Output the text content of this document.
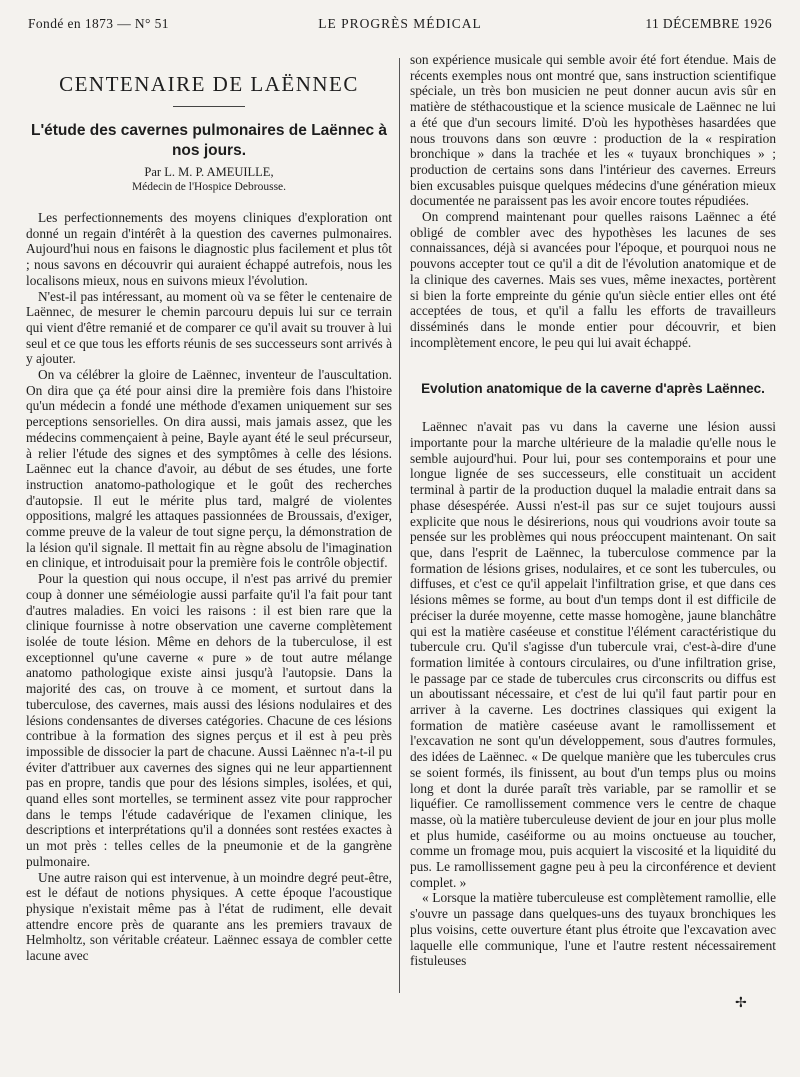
Fondé en 1873 — N° 51	LE PROGRÈS MÉDICAL	11 DÉCEMBRE 1926
CENTENAIRE DE LAËNNEC
L'étude des cavernes pulmonaires de Laënnec à nos jours.
Par L. M. P. AMEUILLE,
Médecin de l'Hospice Debrousse.

Les perfectionnements des moyens cliniques d'exploration ont donné un regain d'intérêt à la question des cavernes pulmonaires. Aujourd'hui nous en faisons le diagnostic plus facilement et plus tôt ; nous savons en découvrir qui auraient échappé autrefois, nous les localisons mieux, nous en suivons mieux l'évolution.

N'est-il pas intéressant, au moment où va se fêter le centenaire de Laënnec, de mesurer le chemin parcouru depuis lui sur ce terrain qui vient d'être remanié et de comparer ce qu'il avait su trouver à lui seul et ce que tous les efforts réunis de ses successeurs sont arrivés à y ajouter.

On va célébrer la gloire de Laënnec, inventeur de l'auscultation. On dira que ça été pour ainsi dire la première fois dans l'histoire qu'un médecin a fondé une méthode d'examen uniquement sur ses perceptions sensorielles. On dira aussi, mais jamais assez, que les médecins commençaient à peine, Bayle ayant été le seul précurseur, à relier l'étude des signes et des symptômes à celle des lésions. Laënnec eut la chance d'avoir, au début de ses études, une forte instruction anatomo-pathologique et le goût des recherches d'autopsie. Il eut le mérite plus tard, malgré de violentes oppositions, malgré les attaques passionnées de Broussais, d'exiger, comme preuve de la valeur de tout signe perçu, la démonstration de la lésion qu'il signale. Il mettait fin au règne absolu de l'imagination en clinique, et introduisait pour la première fois le contrôle objectif.

Pour la question qui nous occupe, il n'est pas arrivé du premier coup à donner une séméiologie aussi parfaite qu'il l'a fait pour tant d'autres maladies. En voici les raisons : il est bien rare que la clinique fournisse à notre observation une caverne complètement isolée de toute lésion. Même en dehors de la tuberculose, il est exceptionnel qu'une caverne « pure » de tout autre mélange anatomo pathologique existe ainsi jusqu'à l'autopsie. Dans la majorité des cas, on trouve à ce moment, et surtout dans la tuberculose, des cavernes, mais aussi des lésions nodulaires et des lésions condensantes de diverses catégories. Chacune de ces lésions contribue à la formation des signes perçus et il est à peu près impossible de dissocier la part de chacune. Aussi Laënnec n'a-t-il pu éviter d'attribuer aux cavernes des signes qui ne leur appartiennent pas en propre, tandis que pour des lésions simples, isolées, et qui, quand elles sont mortelles, se terminent assez vite pour rapprocher dans le temps l'étude cadavérique de l'examen clinique, les descriptions et interprétations qu'il a données sont restées exactes à un mot près : telles celles de la pneumonie et de la gangrène pulmonaire.

Une autre raison qui est intervenue, à un moindre degré peut-être, est le défaut de notions physiques. A cette époque l'acoustique physique n'existait même pas à l'état de rudiment, elle devait attendre encore près de quarante ans les premiers travaux de Helmholtz, son véritable créateur. Laënnec essaya de combler cette lacune avec

son expérience musicale qui semble avoir été fort étendue. Mais de récents exemples nous ont montré que, sans instruction scientifique spéciale, un très bon musicien ne peut donner aucun avis sûr en matière de stéthacoustique et la science musicale de Laënnec ne lui a été que d'un secours limité. D'où les hypothèses hasardées que nous trouvons dans son œuvre : production de la « respiration bronchique » dans la trachée et les « tuyaux bronchiques » ; production de certains sons dans l'intérieur des cavernes. Erreurs bien excusables puisque quelques médecins d'une génération mieux documentée ne paraissent pas les avoir encore toutes répudiées.

On comprend maintenant pour quelles raisons Laënnec a été obligé de combler avec des hypothèses les lacunes de ses connaissances, déjà si avancées pour l'époque, et pourquoi nous ne pouvons accepter tout ce qu'il a dit de l'évolution anatomique et de la clinique des cavernes. Mais ses vues, même inexactes, portèrent si bien la forte empreinte du génie qu'un siècle entier elles ont été acceptées de tous, et qu'il a fallu les efforts de travailleurs disséminés dans le monde entier pour découvrir, et bien incomplètement encore, le peu qui lui avait échappé.

Evolution anatomique de la caverne d'après Laënnec.

Laënnec n'avait pas vu dans la caverne une lésion aussi importante pour la marche ultérieure de la maladie qu'elle nous le semble aujourd'hui. Pour lui, pour ses contemporains et pour une longue lignée de ses successeurs, elle constituait un accident terminal à partir de la production duquel la maladie entrait dans sa phase désespérée. Aussi n'est-il pas sur ce sujet toujours aussi explicite que nous le désirerions, nous qui voudrions avoir toute sa pensée sur les problèmes qui nous préoccupent maintenant. On sait que, dans l'esprit de Laënnec, la tuberculose commence par la formation de lésions grises, nodulaires, et ce sont les tubercules, ou diffuses, et c'est ce qu'il appelait l'infiltration grise, et que dans ces lésions mêmes se forme, au bout d'un temps dont il est difficile de préciser la durée moyenne, cette masse homogène, jaune blanchâtre qui est la matière caséeuse et constitue l'élément caractéristique du tubercule cru. Qu'il s'agisse d'un tubercule vrai, c'est-à-dire d'une formation limitée à contours circulaires, ou d'une infiltration grise, le passage par ce stade de tubercules crus circonscrits ou diffus est un aboutissant nécessaire, et c'est de lui qu'il faut partir pour en arriver à la caverne. Les doctrines classiques qui exigent la formation de matière caséeuse avant le ramollissement et l'excavation ne sont qu'un développement, sous d'autres formules, des idées de Laënnec. « De quelque manière que les tubercules crus se soient formés, ils finissent, au bout d'un temps plus ou moins long et dont la durée paraît très variable, par se ramollir et se liquéfier. Ce ramollissement commence vers le centre de chaque masse, où la matière tuberculeuse devient de jour en jour plus molle et plus humide, caséiforme ou au moins onctueuse au toucher, comme un fromage mou, puis acquiert la viscosité et la liquidité du pus. Le ramollissement gagne peu à peu la circonférence et devient complet. »

« Lorsque la matière tuberculeuse est complètement ramollie, elle s'ouvre un passage dans quelques-uns des tuyaux bronchiques les plus voisins, cette ouverture étant plus étroite que l'excavation avec laquelle elle communique, l'une et l'autre restent nécessairement fistuleuses

✢
